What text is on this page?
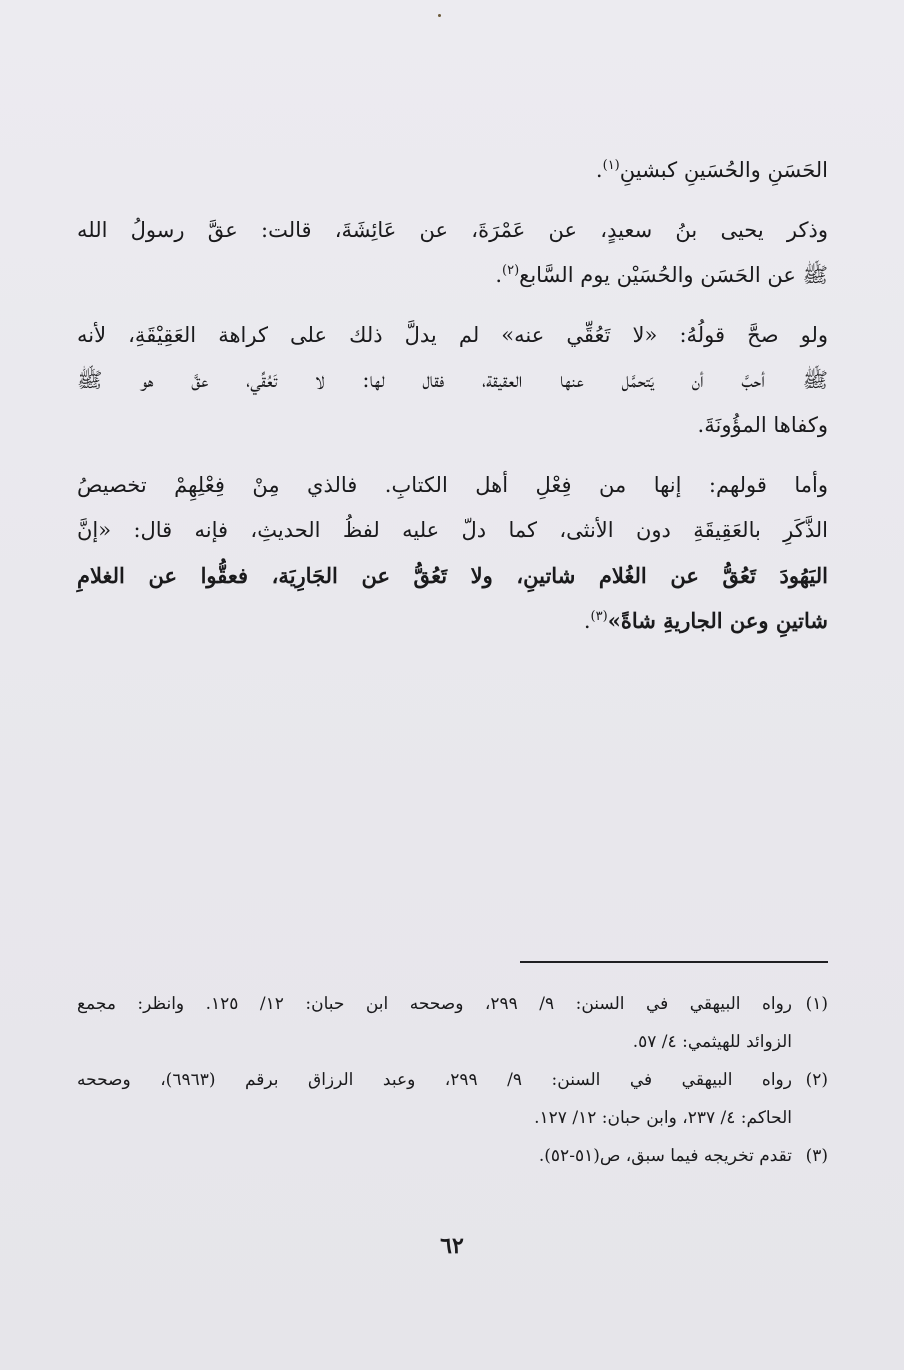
الحَسَنِ والحُسَينِ كبشينِ$^{(١)}$.

وذكر يحيى بنُ سعيدٍ، عن عَمْرَةَ، عن عَائِشَةَ، قالت: عقَّ رسولُ الله
ﷺ عن الحَسَن والحُسَيْن يوم السَّابع$^{(٢)}$.

ولو صحَّ قولُهُ: «لا تَعُقِّي عنه» لم يدلَّ ذلك على كراهة العَقِيْقَةِ، لأنه
ﷺ أحبَّ أن يَتحمَّل عنها العقيقة، فقال لها: لا تَعُقِّي، عقَّ هو ﷺ
وكفاها المؤُونَةَ.

وأما قولهم: إنها من فِعْلِ أهل الكتابِ. فالذي مِنْ فِعْلِهِمْ تخصيصُ
الذَّكَرِ بالعَقِيقَةِ دون الأنثى، كما دلّ عليه لفظُ الحديثِ، فإنه قال: «إنَّ
اليَهُودَ تَعُقُّ عن الغُلام شاتينِ، ولا تَعُقُّ عن الجَارِيَة، فعقُّوا عن الغلامِ
شاتينِ وعن الجاريةِ شاةً»$^{(٣)}$.

(١)
رواه البيهقي في السنن: ٩/ ٢٩٩، وصححه ابن حبان: ١٢/ ١٢٥. وانظر: مجمع
الزوائد للهيثمي: ٤/ ٥٧.
(٢)
رواه البيهقي في السنن: ٩/ ٢٩٩، وعبد الرزاق برقم (٦٩٦٣)، وصححه
الحاكم: ٤/ ٢٣٧، وابن حبان: ١٢/ ١٢٧.
(٣)
تقدم تخريجه فيما سبق، ص(٥١-٥٢).
٦٢
